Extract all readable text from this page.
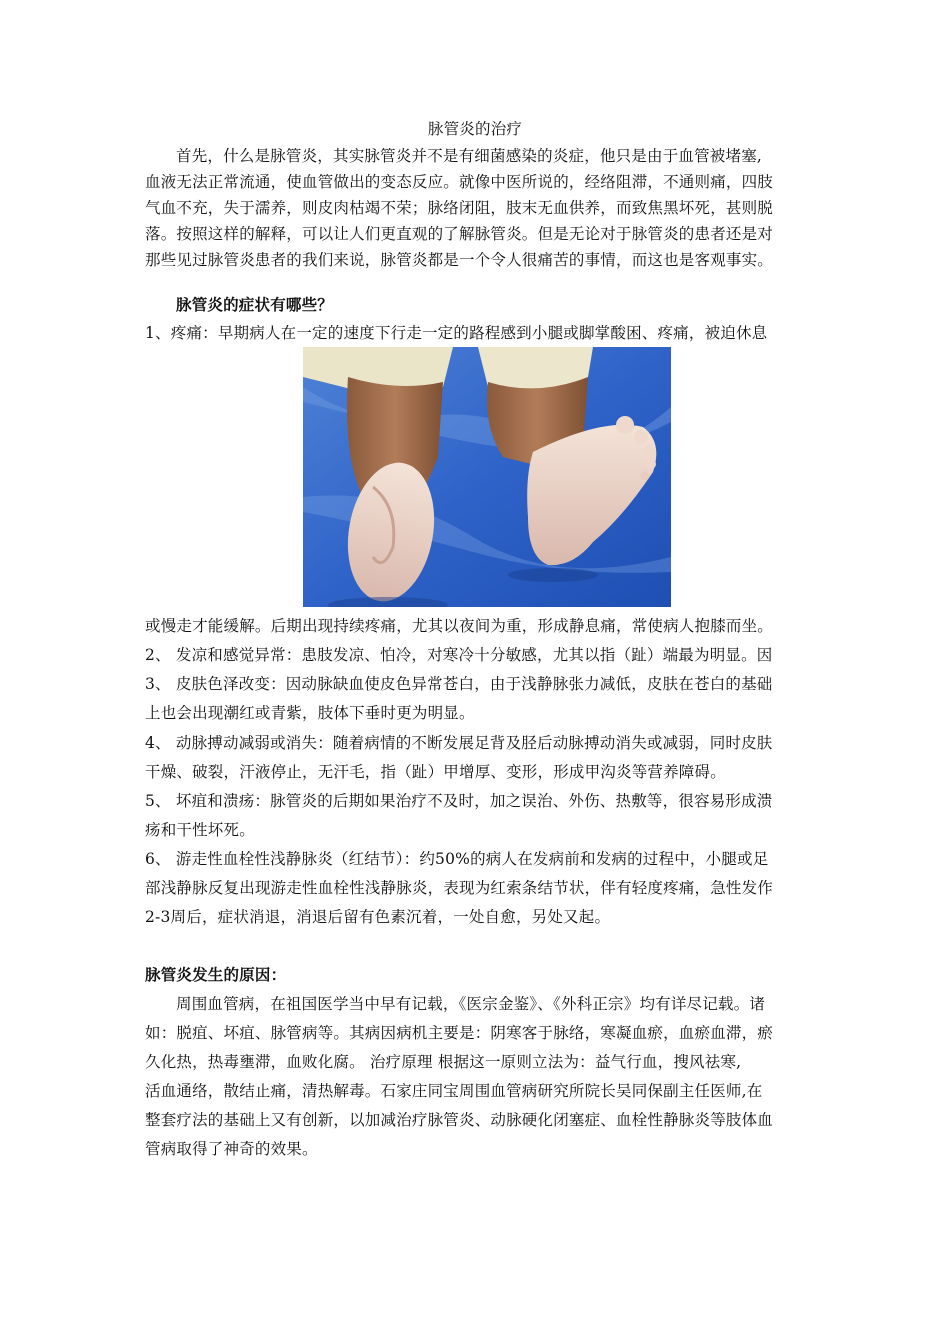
脉管炎的治疗
首先，什么是脉管炎，其实脉管炎并不是有细菌感染的炎症，他只是由于血管被堵塞,
血液无法正常流通，使血管做出的变态反应。就像中医所说的，经络阻滞，不通则痛，四肢
气血不充，失于濡养，则皮肉枯竭不荣；脉络闭阻，肢末无血供养，而致焦黑坏死，甚则脱
落。按照这样的解释，可以让人们更直观的了解脉管炎。但是无论对于脉管炎的患者还是对
那些见过脉管炎患者的我们来说，脉管炎都是一个令人很痛苦的事情，而这也是客观事实。
脉管炎的症状有哪些？
1、疼痛：早期病人在一定的速度下行走一定的路程感到小腿或脚掌酸困、疼痛，被迫休息
或慢走才能缓解。后期出现持续疼痛，尤其以夜间为重，形成静息痛，常使病人抱膝而坐。
2、 发凉和感觉异常：患肢发凉、怕冷，对寒冷十分敏感，尤其以指（趾）端最为明显。因
3、 皮肤色泽改变：因动脉缺血使皮色异常苍白，由于浅静脉张力减低，皮肤在苍白的基础
上也会出现潮红或青紫，肢体下垂时更为明显。
4、 动脉搏动减弱或消失：随着病情的不断发展足背及胫后动脉搏动消失或减弱，同时皮肤
干燥、破裂，汗液停止，无汗毛，指（趾）甲增厚、变形，形成甲沟炎等营养障碍。
5、 坏疽和溃疡：脉管炎的后期如果治疗不及时，加之误治、外伤、热敷等，很容易形成溃
疡和干性坏死。
6、 游走性血栓性浅静脉炎（红结节）：约50%的病人在发病前和发病的过程中，小腿或足
部浅静脉反复出现游走性血栓性浅静脉炎，表现为红索条结节状，伴有轻度疼痛，急性发作
2-3周后，症状消退，消退后留有色素沉着，一处自愈，另处又起。
脉管炎发生的原因：
周围血管病，在祖国医学当中早有记载，《医宗金鉴》、《外科正宗》均有详尽记载。诸
如：脱疽、坏疽、脉管病等。其病因病机主要是：阴寒客于脉络，寒凝血瘀，血瘀血滞，瘀
久化热，热毒壅滞，血败化腐。 治疗原理 根据这一原则立法为：益气行血，搜风祛寒,
活血通络，散结止痛，清热解毒。石家庄同宝周围血管病研究所院长吴同保副主任医师,在
整套疗法的基础上又有创新，以加减治疗脉管炎、动脉硬化闭塞症、血栓性静脉炎等肢体血
管病取得了神奇的效果。
